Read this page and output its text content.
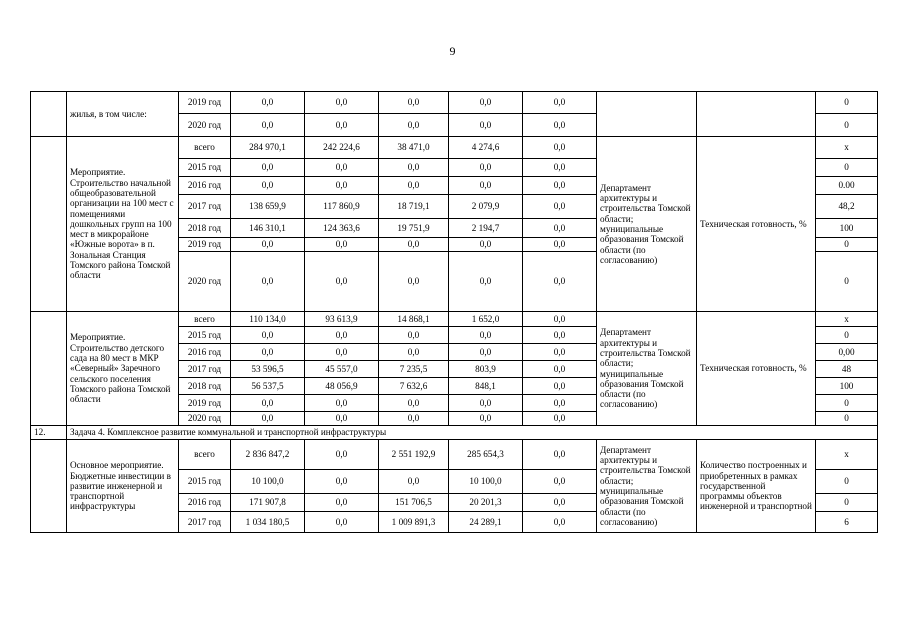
9
	жилья, в том числе:	2019 год	0,0	0,0	0,0	0,0	0,0			0
		2020 год	0,0	0,0	0,0	0,0	0,0			0
	Мероприятие. Строительство начальной общеобразовательной организации на 100 мест с помещениями дошкольных групп на 100 мест в микрорайоне «Южные ворота» в п. Зональная Станция Томского района Томской области	всего	284 970,1	242 224,6	38 471,0	4 274,6	0,0	Департамент архитектуры и строительства Томской области; муниципальные образования Томской области (по согласованию)	Техническая готовность, %	х
		2015 год	0,0	0,0	0,0	0,0	0,0			0
		2016 год	0,0	0,0	0,0	0,0	0,0			0.00
		2017 год	138 659,9	117 860,9	18 719,1	2 079,9	0,0			48,2
		2018 год	146 310,1	124 363,6	19 751,9	2 194,7	0,0			100
		2019 год	0,0	0,0	0,0	0,0	0,0			0
		2020 год	0,0	0,0	0,0	0,0	0,0			0
	Мероприятие. Строительство детского сада на 80 мест в МКР «Северный» Заречного сельского поселения Томского района Томской области	всего	110 134,0	93 613,9	14 868,1	1 652,0	0,0	Департамент архитектуры и строительства Томской области; муниципальные образования Томской области (по согласованию)	Техническая готовность, %	х
		2015 год	0,0	0,0	0,0	0,0	0,0			0
		2016 год	0,0	0,0	0,0	0,0	0,0			0,00
		2017 год	53 596,5	45 557,0	7 235,5	803,9	0,0			48
		2018 год	56 537,5	48 056,9	7 632,6	848,1	0,0			100
		2019 год	0,0	0,0	0,0	0,0	0,0			0
		2020 год	0,0	0,0	0,0	0,0	0,0			0
12.	Задача 4. Комплексное развитие коммунальной и транспортной инфраструктуры									
	Основное мероприятие. Бюджетные инвестиции в развитие инженерной и транспортной инфраструктуры	всего	2 836 847,2	0,0	2 551 192,9	285 654,3	0,0	Департамент архитектуры и строительства Томской области; муниципальные образования Томской области (по согласованию)	Количество построенных и приобретенных в рамках государственной программы объектов инженерной и транспортной	х
		2015 год	10 100,0	0,0	0,0	10 100,0	0,0			0
		2016 год	171 907,8	0,0	151 706,5	20 201,3	0,0			0
		2017 год	1 034 180,5	0,0	1 009 891,3	24 289,1	0,0			6
